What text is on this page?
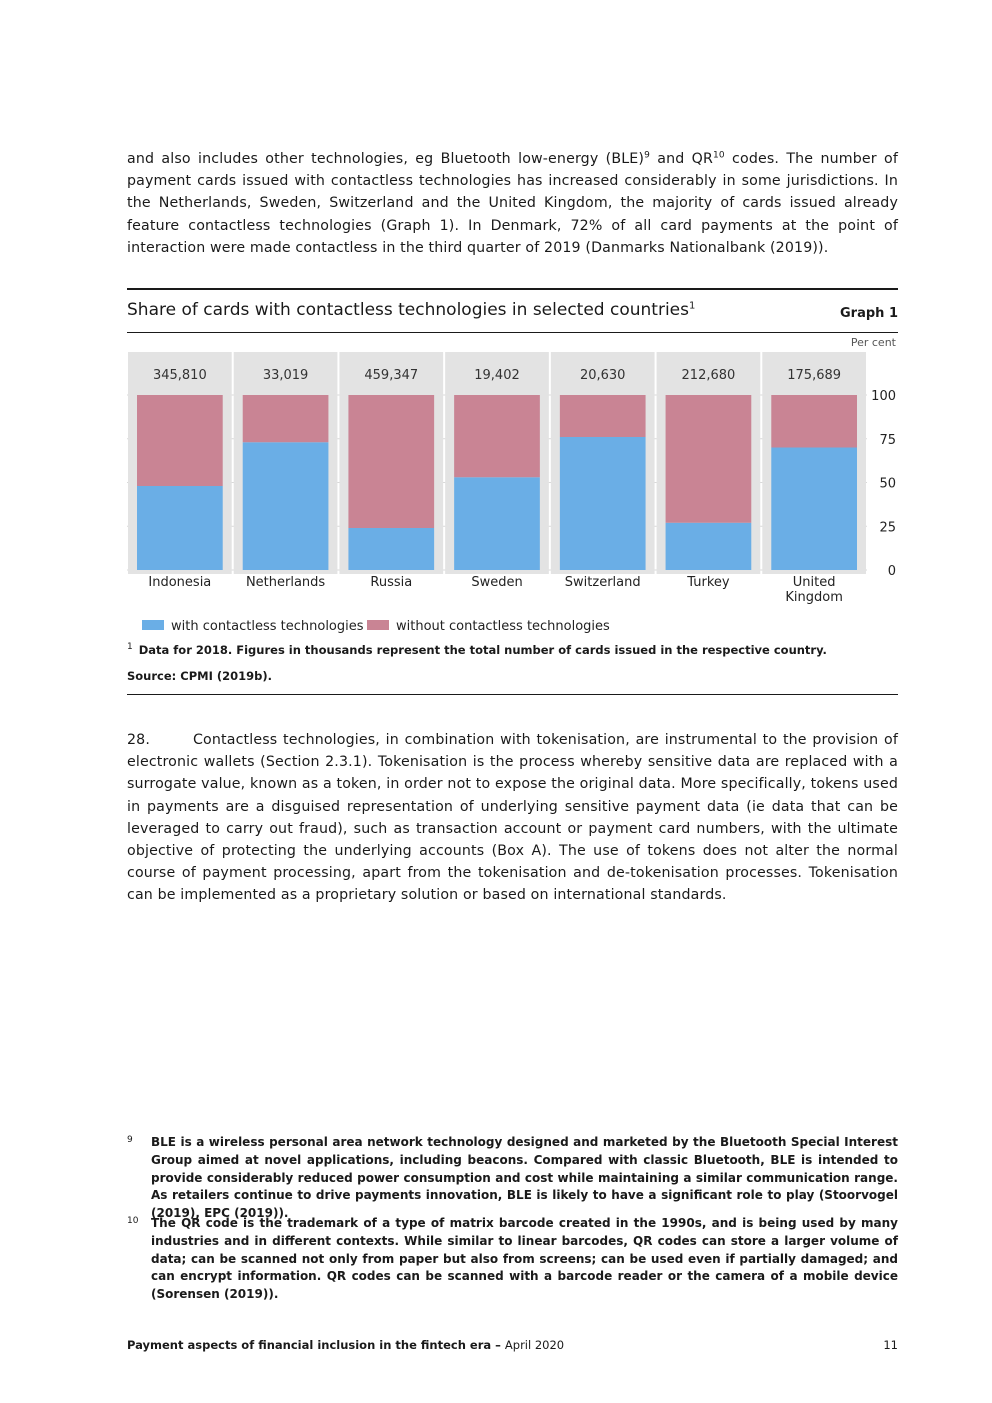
and also includes other technologies, eg Bluetooth low-energy (BLE)$^9$ and QR$^{10}$ codes. The number of payment cards issued with contactless technologies has increased considerably in some jurisdictions. In the Netherlands, Sweden, Switzerland and the United Kingdom, the majority of cards issued already feature contactless technologies (Graph 1). In Denmark, 72% of all card payments at the point of interaction were made contactless in the third quarter of 2019 (Danmarks Nationalbank (2019)).

Share of cards with contactless technologies in selected countries$^1$
Graph 1
Per cent
345,810
Indonesia
33,019
Netherlands
459,347
Russia
19,402
Sweden
20,630
Switzerland
212,680
Turkey
175,689
United
Kingdom
0
25
50
75
100
with contactless technologies without contactless technologies
$^1$ Data for 2018. Figures in thousands represent the total number of cards issued in the respective country.
Source: CPMI (2019b).

28.	Contactless technologies, in combination with tokenisation, are instrumental to the provision of electronic wallets (Section 2.3.1). Tokenisation is the process whereby sensitive data are replaced with a surrogate value, known as a token, in order not to expose the original data. More specifically, tokens used in payments are a disguised representation of underlying sensitive payment data (ie data that can be leveraged to carry out fraud), such as transaction account or payment card numbers, with the ultimate objective of protecting the underlying accounts (Box A). The use of tokens does not alter the normal course of payment processing, apart from the tokenisation and de-tokenisation processes. Tokenisation can be implemented as a proprietary solution or based on international standards.

9 BLE is a wireless personal area network technology designed and marketed by the Bluetooth Special Interest Group aimed at novel applications, including beacons. Compared with classic Bluetooth, BLE is intended to provide considerably reduced power consumption and cost while maintaining a similar communication range. As retailers continue to drive payments innovation, BLE is likely to have a significant role to play (Stoorvogel (2019), EPC (2019)).
10 The QR code is the trademark of a type of matrix barcode created in the 1990s, and is being used by many industries and in different contexts. While similar to linear barcodes, QR codes can store a larger volume of data; can be scanned not only from paper but also from screens; can be used even if partially damaged; and can encrypt information. QR codes can be scanned with a barcode reader or the camera of a mobile device (Sorensen (2019)).
Payment aspects of financial inclusion in the fintech era – April 2020	11
